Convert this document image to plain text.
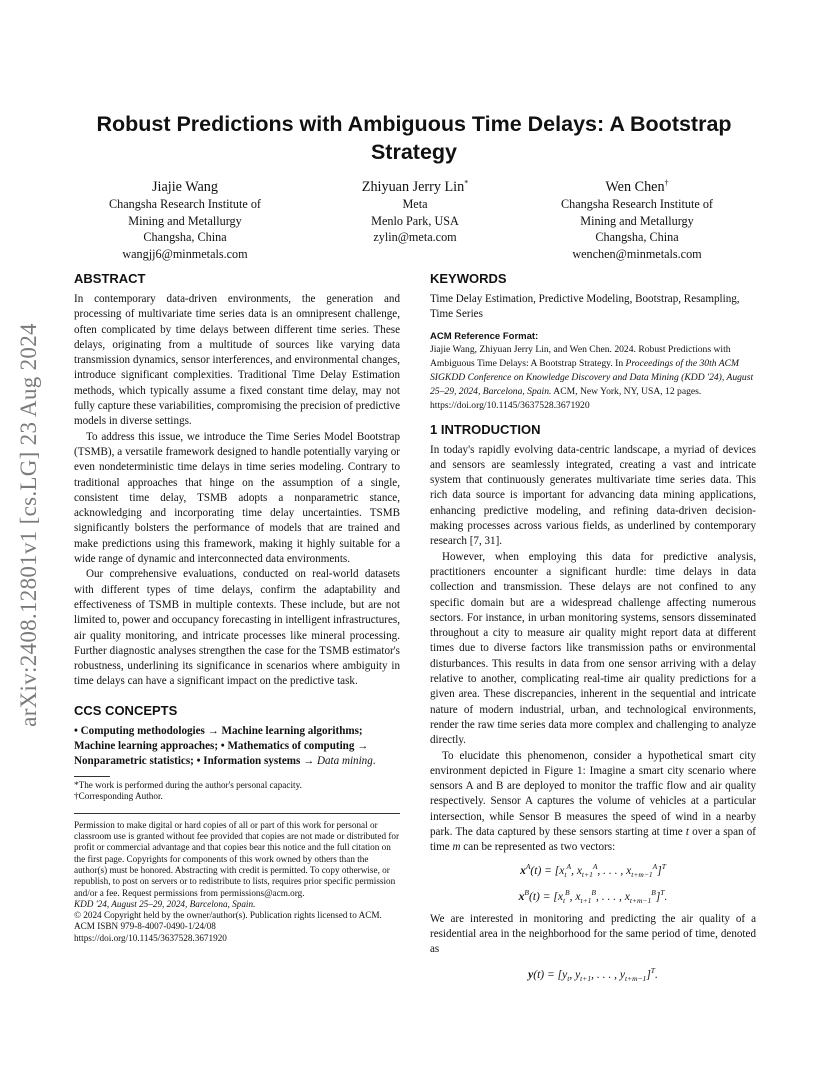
arXiv:2408.12801v1 [cs.LG] 23 Aug 2024
Robust Predictions with Ambiguous Time Delays: A Bootstrap Strategy
Jiajie Wang
Changsha Research Institute of
Mining and Metallurgy
Changsha, China
wangjj6@minmetals.com
Zhiyuan Jerry Lin*
Meta
Menlo Park, USA
zylin@meta.com
Wen Chen†
Changsha Research Institute of
Mining and Metallurgy
Changsha, China
wenchen@minmetals.com
ABSTRACT

In contemporary data-driven environments, the generation and processing of multivariate time series data is an omnipresent challenge, often complicated by time delays between different time series. These delays, originating from a multitude of sources like varying data transmission dynamics, sensor interferences, and environmental changes, introduce significant complexities. Traditional Time Delay Estimation methods, which typically assume a fixed constant time delay, may not fully capture these variabilities, compromising the precision of predictive models in diverse settings.

To address this issue, we introduce the Time Series Model Bootstrap (TSMB), a versatile framework designed to handle potentially varying or even nondeterministic time delays in time series modeling. Contrary to traditional approaches that hinge on the assumption of a single, consistent time delay, TSMB adopts a nonparametric stance, acknowledging and incorporating time delay uncertainties. TSMB significantly bolsters the performance of models that are trained and make predictions using this framework, making it highly suitable for a wide range of dynamic and interconnected data environments.

Our comprehensive evaluations, conducted on real-world datasets with different types of time delays, confirm the adaptability and effectiveness of TSMB in multiple contexts. These include, but are not limited to, power and occupancy forecasting in intelligent infrastructures, air quality monitoring, and intricate processes like mineral processing. Further diagnostic analyses strengthen the case for the TSMB estimator's robustness, underlining its significance in scenarios where ambiguity in time delays can have a significant impact on the predictive task.

CCS CONCEPTS

• Computing methodologies → Machine learning algorithms; Machine learning approaches; • Mathematics of computing → Nonparametric statistics; • Information systems → Data mining.

*The work is performed during the author's personal capacity.
†Corresponding Author.
Permission to make digital or hard copies of all or part of this work for personal or classroom use is granted without fee provided that copies are not made or distributed for profit or commercial advantage and that copies bear this notice and the full citation on the first page. Copyrights for components of this work owned by others than the author(s) must be honored. Abstracting with credit is permitted. To copy otherwise, or republish, to post on servers or to redistribute to lists, requires prior specific permission and/or a fee. Request permissions from permissions@acm.org.
KDD '24, August 25–29, 2024, Barcelona, Spain.
© 2024 Copyright held by the owner/author(s). Publication rights licensed to ACM.
ACM ISBN 979-8-4007-0490-1/24/08
https://doi.org/10.1145/3637528.3671920
KEYWORDS

Time Delay Estimation, Predictive Modeling, Bootstrap, Resampling, Time Series

ACM Reference Format:

Jiajie Wang, Zhiyuan Jerry Lin, and Wen Chen. 2024. Robust Predictions with Ambiguous Time Delays: A Bootstrap Strategy. In Proceedings of the 30th ACM SIGKDD Conference on Knowledge Discovery and Data Mining (KDD '24), August 25–29, 2024, Barcelona, Spain. ACM, New York, NY, USA, 12 pages. https://doi.org/10.1145/3637528.3671920

1 INTRODUCTION

In today's rapidly evolving data-centric landscape, a myriad of devices and sensors are seamlessly integrated, creating a vast and intricate system that continuously generates multivariate time series data. This rich data source is important for advancing data mining applications, enhancing predictive modeling, and refining data-driven decision-making processes across various fields, as underlined by contemporary research [7, 31].

However, when employing this data for predictive analysis, practitioners encounter a significant hurdle: time delays in data collection and transmission. These delays are not confined to any specific domain but are a widespread challenge affecting numerous sectors. For instance, in urban monitoring systems, sensors disseminated throughout a city to measure air quality might report data at different times due to diverse factors like transmission paths or environmental disturbances. This results in data from one sensor arriving with a delay relative to another, complicating real-time air quality predictions for a given area. These discrepancies, inherent in the sequential and intricate nature of modern industrial, urban, and technological environments, render the raw time series data more complex and challenging to analyze directly.

To elucidate this phenomenon, consider a hypothetical smart city environment depicted in Figure 1: Imagine a smart city scenario where sensors A and B are deployed to monitor the traffic flow and air quality respectively. Sensor A captures the volume of vehicles at a particular intersection, while Sensor B measures the speed of wind in a nearby park. The data captured by these sensors starting at time t over a span of time m can be represented as two vectors:

$x^A(t) = [x_t^A$, $x_{t+1}^A$, . . . , $x_{t+m-1}^A]^T$
$x^B(t) = [x_t^B$, $x_{t+1}^B$, . . . , $x_{t+m-1}^B]^T$.

We are interested in monitoring and predicting the air quality of a residential area in the neighborhood for the same period of time, denoted as

$y(t) = [y_t$, $y_{t+1}$, . . . , $y_{t+m-1}]^T$.
